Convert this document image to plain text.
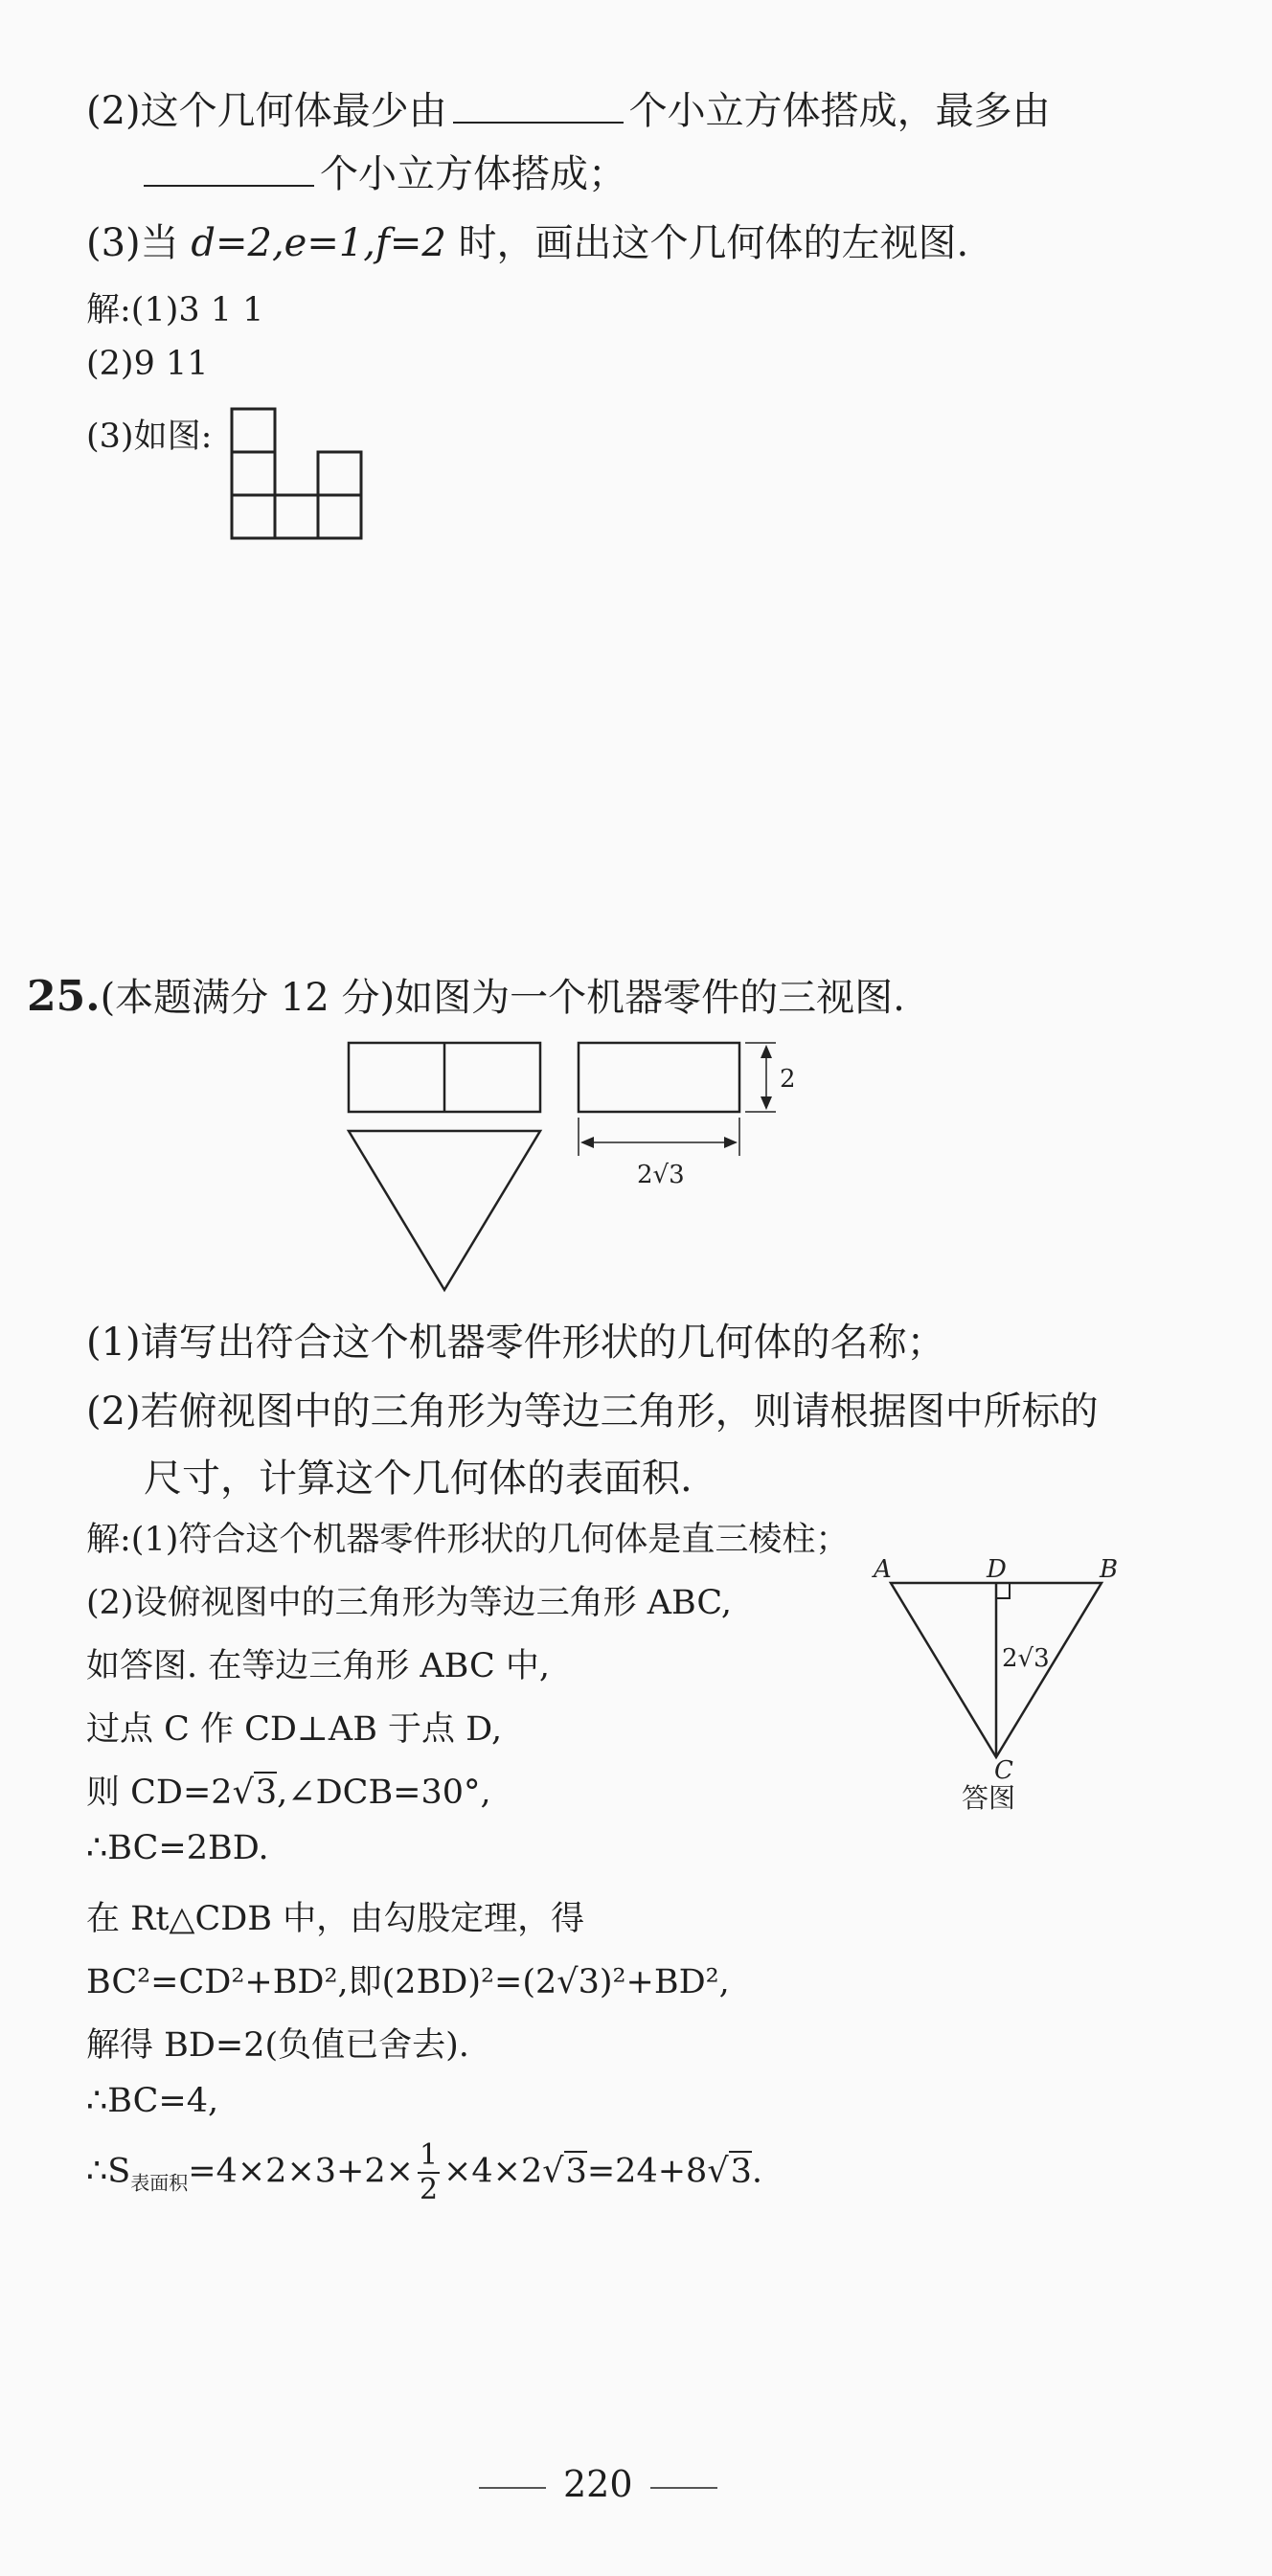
(2)这个几何体最少由	个小立方体搭成，最多由
个小立方体搭成；
(3)当 d=2,e=1,f=2 时，画出这个几何体的左视图.
解:(1)3 1 1
(2)9 11
(3)如图:
25.(本题满分 12 分)如图为一个机器零件的三视图.
2
2√3
(1)请写出符合这个机器零件形状的几何体的名称；
(2)若俯视图中的三角形为等边三角形，则请根据图中所标的
尺寸，计算这个几何体的表面积.
解:(1)符合这个机器零件形状的几何体是直三棱柱；
(2)设俯视图中的三角形为等边三角形 ABC,
如答图. 在等边三角形 ABC 中,
过点 C 作 CD⊥AB 于点 D,
则 CD=2√3,∠DCB=30°,
∴BC=2BD.
在 Rt△CDB 中，由勾股定理，得
BC²=CD²+BD²,即(2BD)²=(2√3)²+BD²,
解得 BD=2(负值已舍去).
∴BC=4,
$\therefore S_{表面积}=4\times 2\times 3+2\times \frac{1}{2} \times 4\times 2√3=24+8√3$.
A	D	B
C
2√3
答图
220
